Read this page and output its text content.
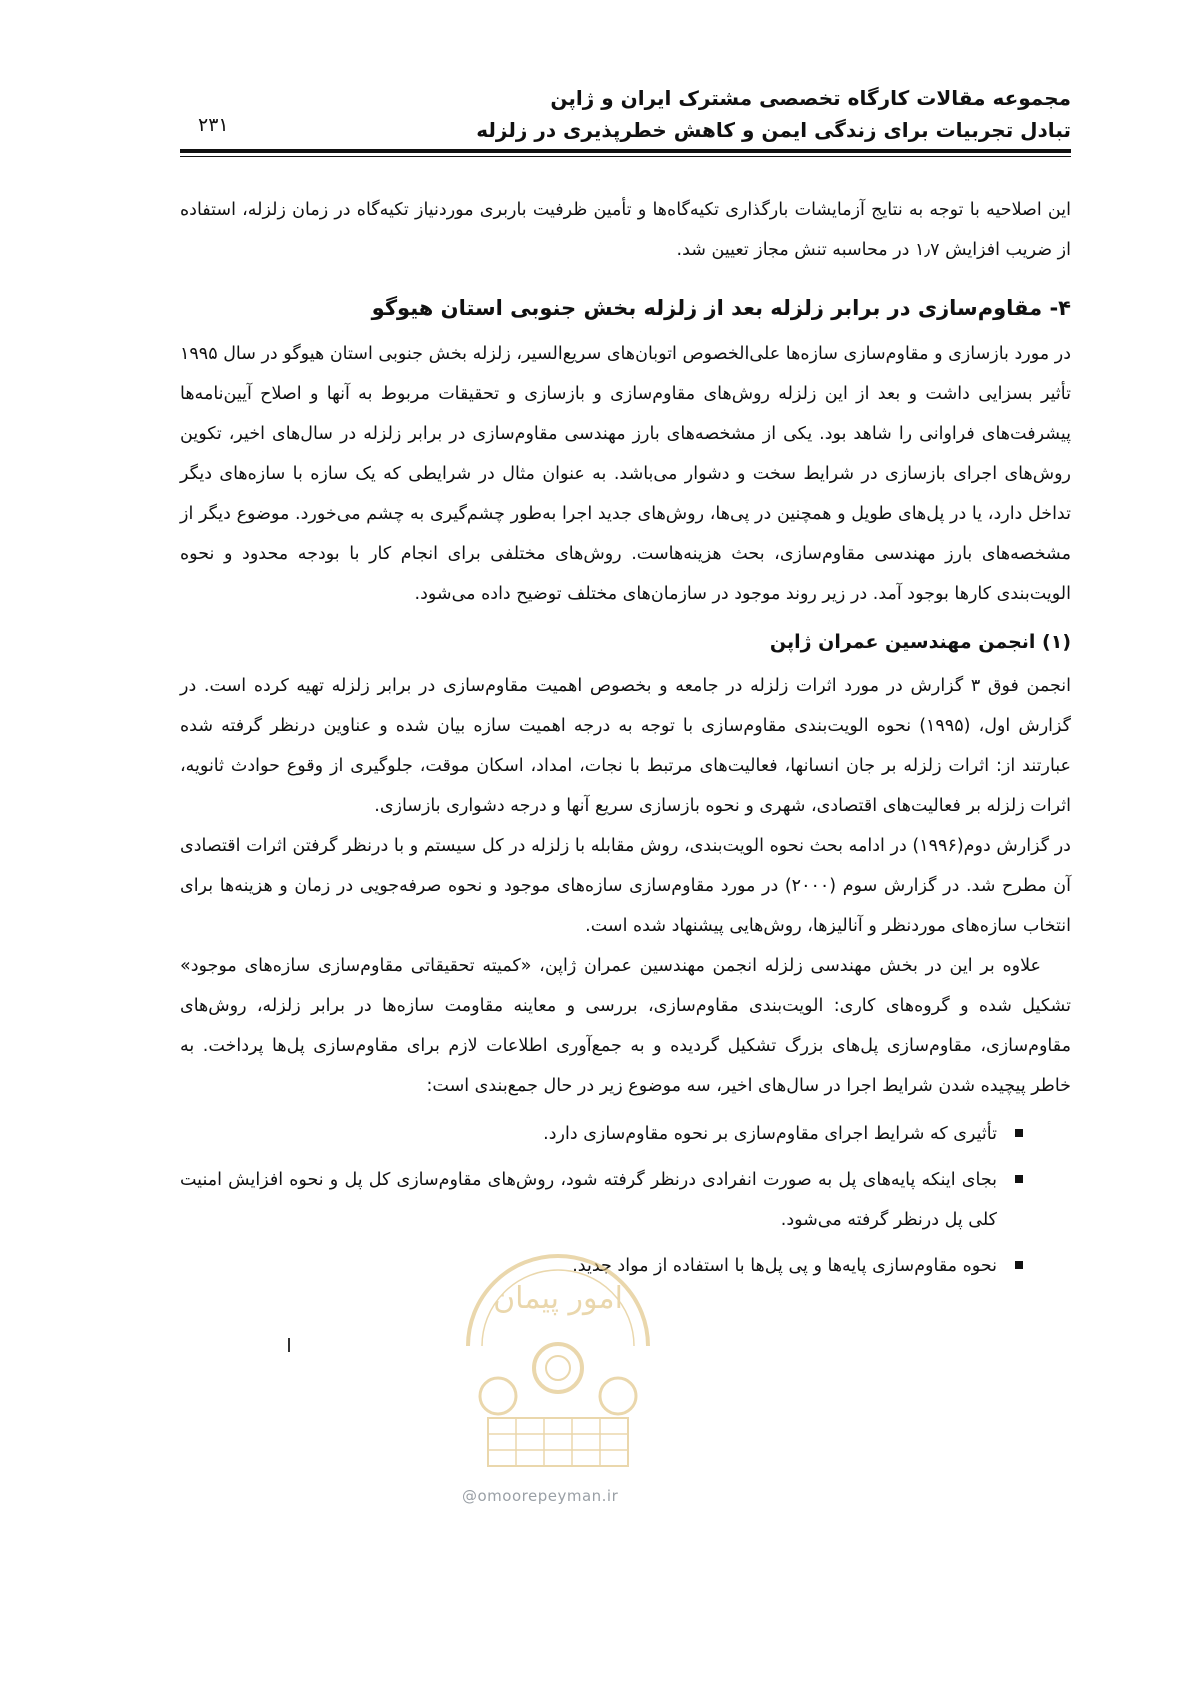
مجموعه مقالات کارگاه تخصصی مشترک ایران و ژاپن
تبادل تجربیات برای زندگی ایمن و کاهش خطرپذیری در زلزله
۲۳۱

این اصلاحیه با توجه به نتایج آزمایشات بارگذاری تکیه‌گاه‌ها و تأمین ظرفیت باربری موردنیاز تکیه‌گاه در زمان زلزله، استفاده از ضریب افزایش ۱٫۷ در محاسبه تنش مجاز تعیین شد.

۴- مقاوم‌سازی در برابر زلزله بعد از زلزله بخش جنوبی استان هیوگو

در مورد بازسازی و مقاوم‌سازی سازه‌ها علی‌الخصوص اتوبان‌های سریع‌السیر، زلزله بخش جنوبی استان هیوگو در سال ۱۹۹۵ تأثیر بسزایی داشت و بعد از این زلزله روش‌های مقاوم‌سازی و بازسازی و تحقیقات مربوط به آنها و اصلاح آیین‌نامه‌ها پیشرفت‌های فراوانی را شاهد بود. یکی از مشخصه‌های بارز مهندسی مقاوم‌سازی در برابر زلزله در سال‌های اخیر، تکوین روش‌های اجرای بازسازی در شرایط سخت و دشوار می‌باشد. به عنوان مثال در شرایطی که یک سازه با سازه‌های دیگر تداخل دارد، یا در پل‌های طویل و همچنین در پی‌ها، روش‌های جدید اجرا به‌طور چشم‌گیری به چشم می‌خورد. موضوع دیگر از مشخصه‌های بارز مهندسی مقاوم‌سازی، بحث هزینه‌هاست. روش‌های مختلفی برای انجام کار با بودجه محدود و نحوه الویت‌بندی کارها بوجود آمد. در زیر روند موجود در سازمان‌های مختلف توضیح داده می‌شود.

(۱) انجمن مهندسین عمران ژاپن

انجمن فوق ۳ گزارش در مورد اثرات زلزله در جامعه و بخصوص اهمیت مقاوم‌سازی در برابر زلزله تهیه کرده است. در گزارش اول، (۱۹۹۵) نحوه الویت‌بندی مقاوم‌سازی با توجه به درجه اهمیت سازه بیان شده و عناوین درنظر گرفته شده عبارتند از: اثرات زلزله بر جان انسانها، فعالیت‌های مرتبط با نجات، امداد، اسکان موقت، جلوگیری از وقوع حوادث ثانویه، اثرات زلزله بر فعالیت‌های اقتصادی، شهری و نحوه بازسازی سریع آنها و درجه دشواری بازسازی.

در گزارش دوم(۱۹۹۶) در ادامه بحث نحوه الویت‌بندی، روش مقابله با زلزله در کل سیستم و با درنظر گرفتن اثرات اقتصادی آن مطرح شد. در گزارش سوم (۲۰۰۰) در مورد مقاوم‌سازی سازه‌های موجود و نحوه صرفه‌جویی در زمان و هزینه‌ها برای انتخاب سازه‌های موردنظر و آنالیزها، روش‌هایی پیشنهاد شده است.

علاوه بر این در بخش مهندسی زلزله انجمن مهندسین عمران ژاپن، «کمیته تحقیقاتی مقاوم‌سازی سازه‌های موجود» تشکیل شده و گروه‌های کاری: الویت‌بندی مقاوم‌سازی، بررسی و معاینه مقاومت سازه‌ها در برابر زلزله، روش‌های مقاوم‌سازی، مقاوم‌سازی پل‌های بزرگ تشکیل گردیده و به جمع‌آوری اطلاعات لازم برای مقاوم‌سازی پل‌ها پرداخت. به خاطر پیچیده شدن شرایط اجرا در سال‌های اخیر، سه موضوع زیر در حال جمع‌بندی است:

تأثیری که شرایط اجرای مقاوم‌سازی بر نحوه مقاوم‌سازی دارد.
بجای اینکه پایه‌های پل به صورت انفرادی درنظر گرفته شود، روش‌های مقاوم‌سازی کل پل و نحوه افزایش امنیت کلی پل درنظر گرفته می‌شود.
نحوه مقاوم‌سازی پایه‌ها و پی پل‌ها با استفاده از مواد جدید.
امور پیمان
@omoorepeyman.ir
